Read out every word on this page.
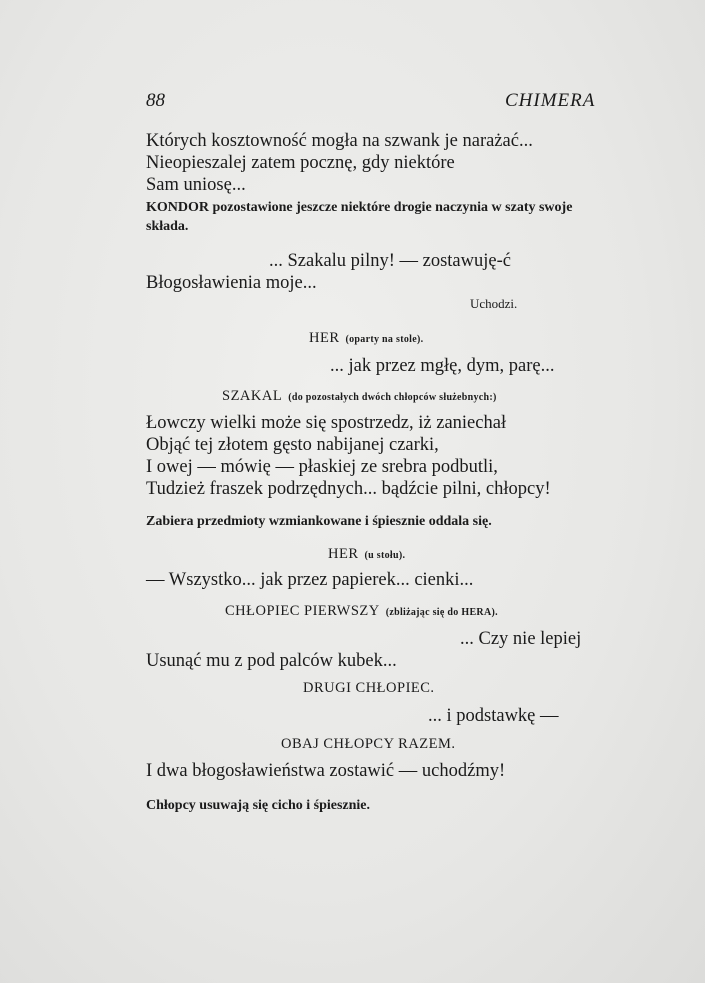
88	CHIMERA
Których kosztowność mogła na szwank je narażać...
Nieopieszalej zatem pocznę, gdy niektóre
Sam uniosę...
KONDOR pozostawione jeszcze niektóre drogie naczynia w szaty swoje składa.
... Szakalu pilny! — zostawuję-ć
Błogosławienia moje...
Uchodzi.
HER (oparty na stole).
... jak przez mgłę, dym, parę...
SZAKAL (do pozostałych dwóch chłopców służebnych:)
Łowczy wielki może się spostrzedz, iż zaniechał
Objąć tej złotem gęsto nabijanej czarki,
I owej — mówię — płaskiej ze srebra podbutli,
Tudzież fraszek podrzędnych... bądźcie pilni, chłopcy!
Zabiera przedmioty wzmiankowane i śpiesznie oddala się.
HER (u stołu).
— Wszystko... jak przez papierek... cienki...
CHŁOPIEC PIERWSZY (zbliżając się do HERA).
... Czy nie lepiej
Usunąć mu z pod palców kubek...
DRUGI CHŁOPIEC.
... i podstawkę —
OBAJ CHŁOPCY RAZEM.
I dwa błogosławieństwa zostawić — uchodźmy!
Chłopcy usuwają się cicho i śpiesznie.
